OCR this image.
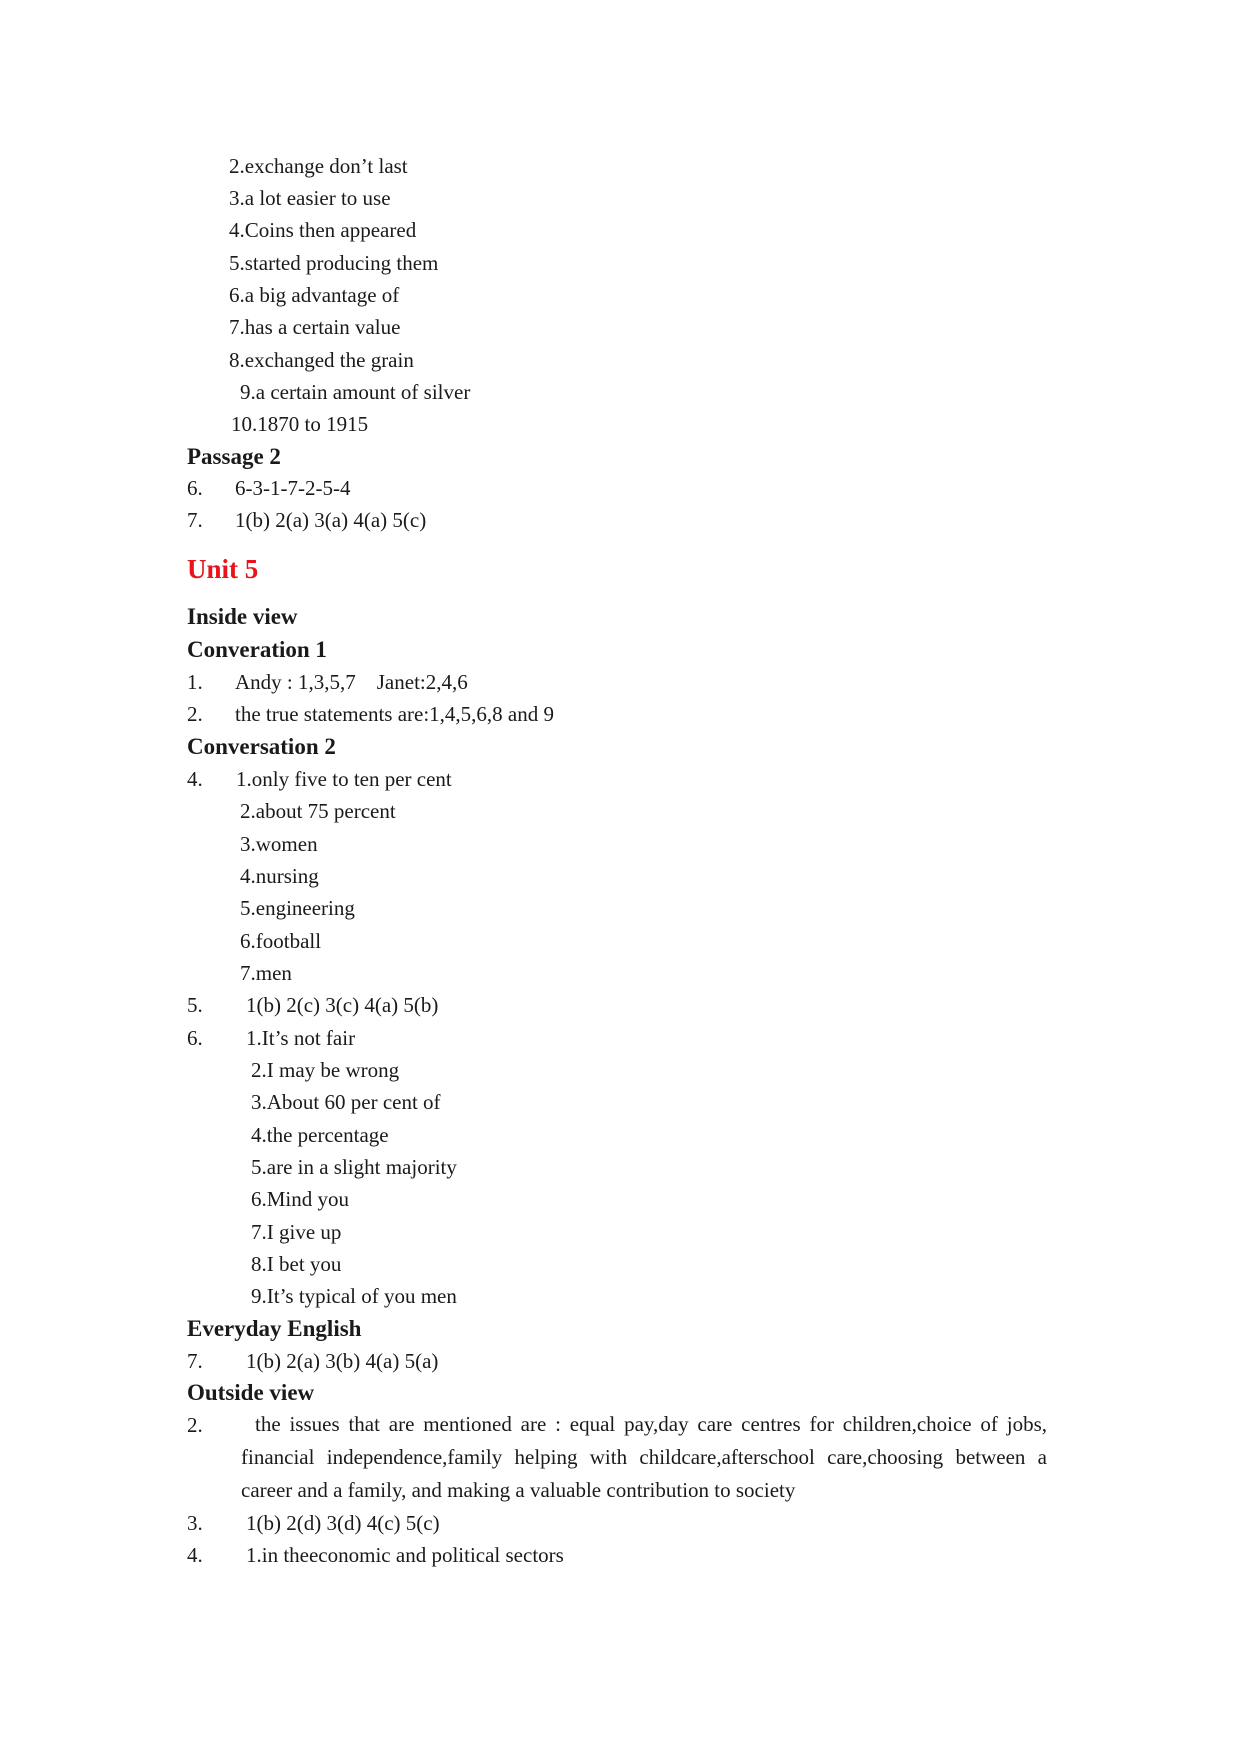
2.exchange don’t last
3.a lot easier to use
4.Coins then appeared
5.started producing them
6.a big advantage of
7.has a certain value
8.exchanged the grain
9.a certain amount of silver
10.1870 to 1915
Passage 2
6. 6-3-1-7-2-5-4
7. 1(b) 2(a) 3(a) 4(a) 5(c)
Unit 5
Inside view
Converation 1
1. Andy : 1,3,5,7    Janet:2,4,6
2. the true statements are:1,4,5,6,8 and 9
Conversation 2
4. 1.only five to ten per cent
2.about 75 percent
3.women
4.nursing
5.engineering
6.football
7.men
5. 1(b) 2(c) 3(c) 4(a) 5(b)
6. 1.It’s not fair
2.I may be wrong
3.About 60 per cent of
4.the percentage
5.are in a slight majority
6.Mind you
7.I give up
8.I bet you
9.It’s typical of you men
Everyday English
7. 1(b) 2(a) 3(b) 4(a) 5(a)
Outside view
2.	the issues that are mentioned are : equal pay,day care centres for children,choice of jobs, financial independence,family helping with childcare,afterschool care,choosing between a career and a family, and making a valuable contribution to society
3. 1(b) 2(d) 3(d) 4(c) 5(c)
4. 1.in theeconomic and political sectors
